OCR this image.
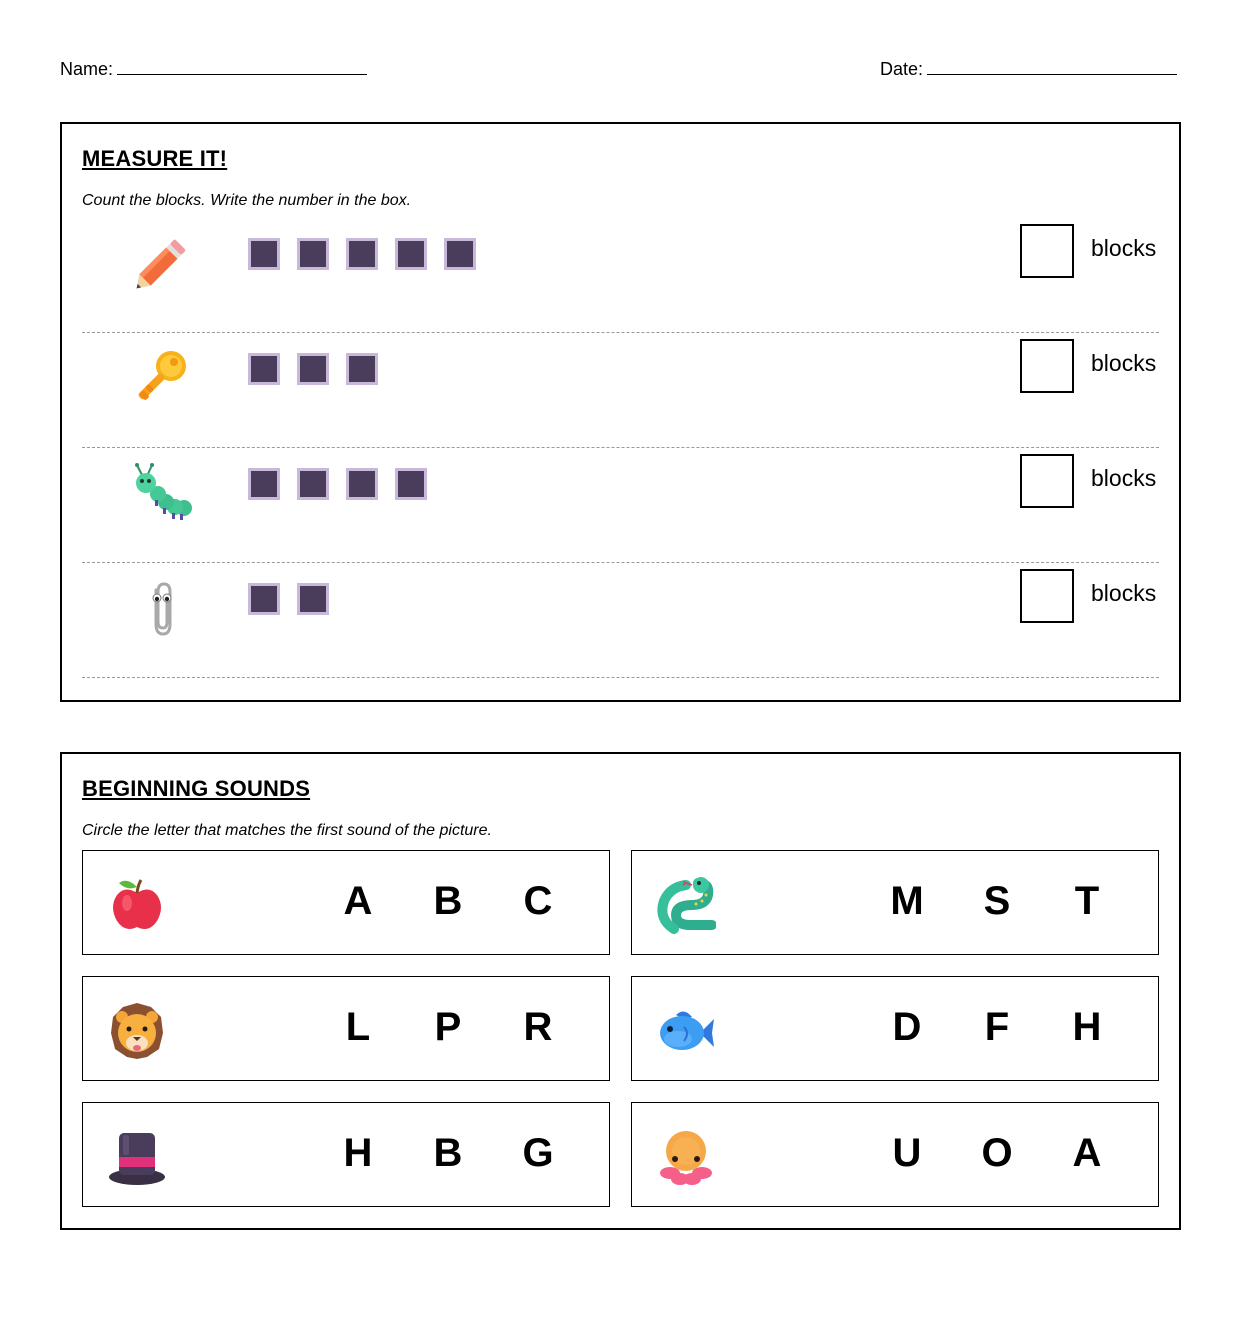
Name:	Date:
MEASURE IT!
Count the blocks. Write the number in the box.
blocks
blocks
blocks
blocks
BEGINNING SOUNDS
Circle the letter that matches the first sound of the picture.
A	B	C	M	S	T
L	P	R	D	F	H
H	B	G	U	O	A
